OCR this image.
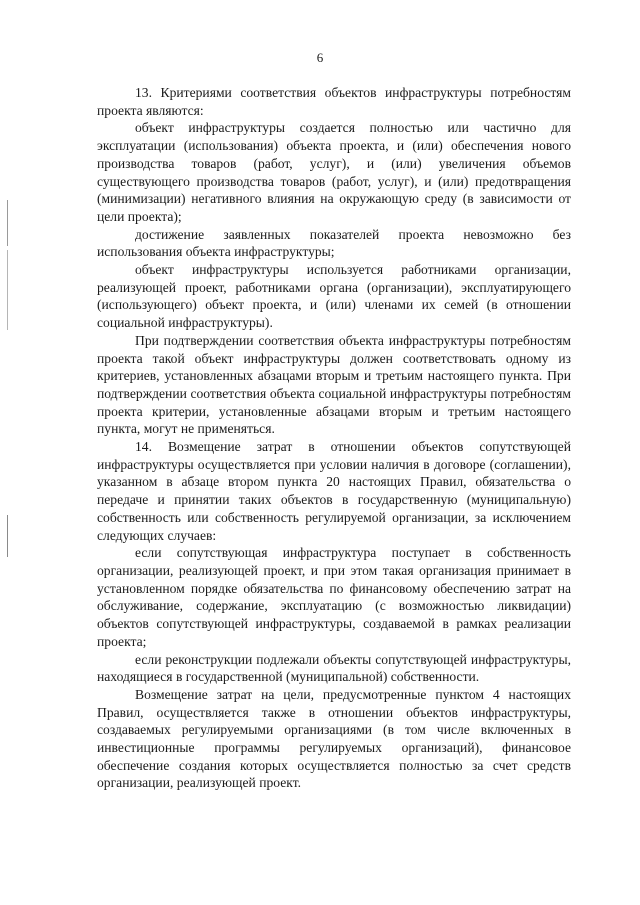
6

13. Критериями соответствия объектов инфраструктуры потребностям проекта являются:

объект инфраструктуры создается полностью или частично для эксплуатации (использования) объекта проекта, и (или) обеспечения нового производства товаров (работ, услуг), и (или) увеличения объемов существующего производства товаров (работ, услуг), и (или) предотвращения (минимизации) негативного влияния на окружающую среду (в зависимости от цели проекта);

достижение заявленных показателей проекта невозможно без использования объекта инфраструктуры;

объект инфраструктуры используется работниками организации, реализующей проект, работниками органа (организации), эксплуатирующего (использующего) объект проекта, и (или) членами их семей (в отношении социальной инфраструктуры).

При подтверждении соответствия объекта инфраструктуры потребностям проекта такой объект инфраструктуры должен соответствовать одному из критериев, установленных абзацами вторым и третьим настоящего пункта. При подтверждении соответствия объекта социальной инфраструктуры потребностям проекта критерии, установленные абзацами вторым и третьим настоящего пункта, могут не применяться.

14. Возмещение затрат в отношении объектов сопутствующей инфраструктуры осуществляется при условии наличия в договоре (соглашении), указанном в абзаце втором пункта 20 настоящих Правил, обязательства о передаче и принятии таких объектов в государственную (муниципальную) собственность или собственность регулируемой организации, за исключением следующих случаев:

если сопутствующая инфраструктура поступает в собственность организации, реализующей проект, и при этом такая организация принимает в установленном порядке обязательства по финансовому обеспечению затрат на обслуживание, содержание, эксплуатацию (с возможностью ликвидации) объектов сопутствующей инфраструктуры, создаваемой в рамках реализации проекта;

если реконструкции подлежали объекты сопутствующей инфраструктуры, находящиеся в государственной (муниципальной) собственности.

Возмещение затрат на цели, предусмотренные пунктом 4 настоящих Правил, осуществляется также в отношении объектов инфраструктуры, создаваемых регулируемыми организациями (в том числе включенных в инвестиционные программы регулируемых организаций), финансовое обеспечение создания которых осуществляется полностью за счет средств организации, реализующей проект.
